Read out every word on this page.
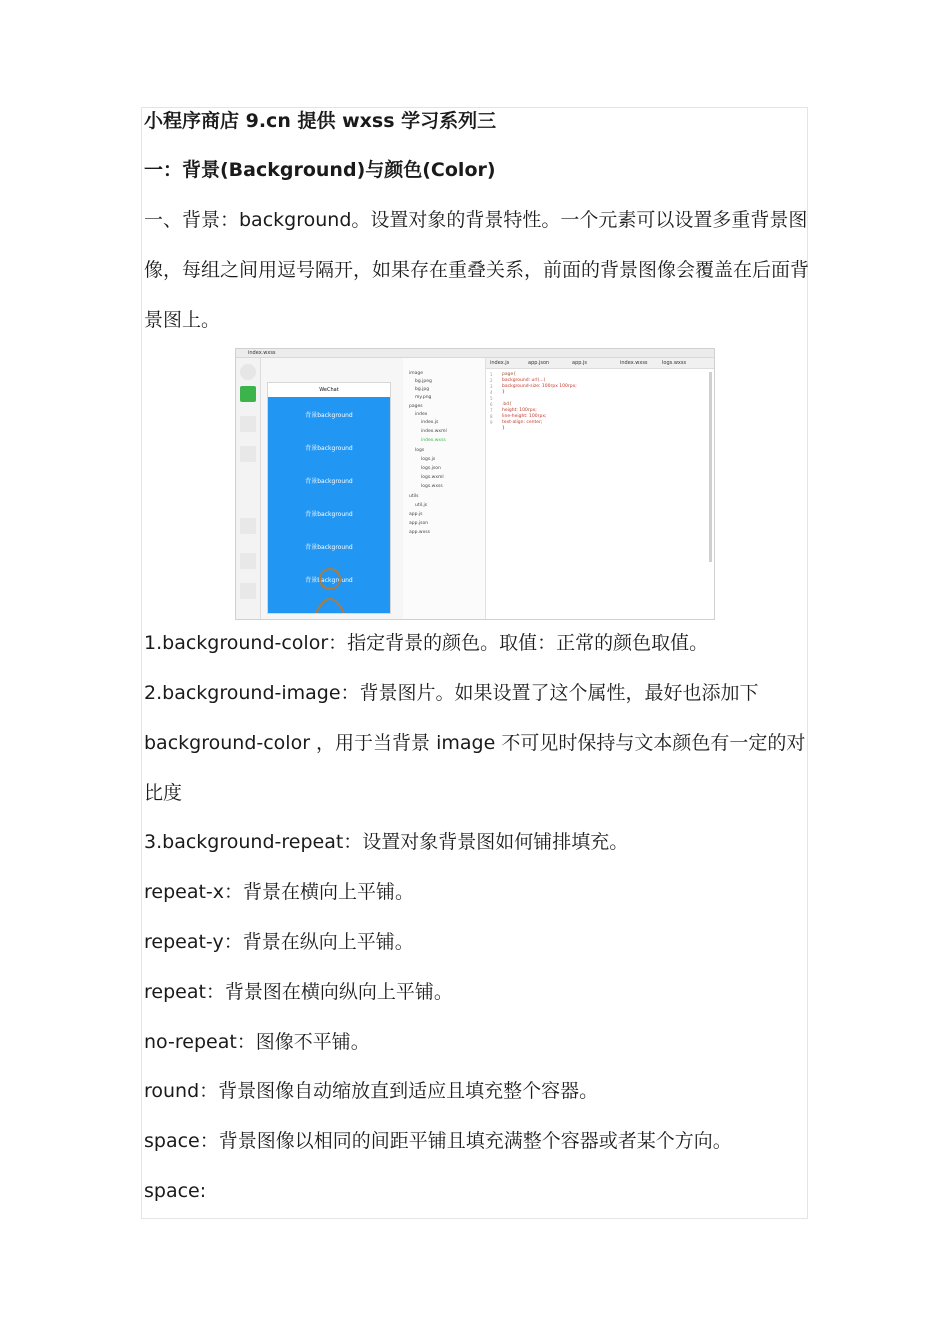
小程序商店 9.cn 提供 wxss 学习系列三
一：背景(Background)与颜色(Color)
一、背景：background。设置对象的背景特性。一个元素可以设置多重背景图
像，每组之间用逗号隔开，如果存在重叠关系，前面的背景图像会覆盖在后面背
景图上。
index.wxss
WeChat
背景background
背景background
背景background
背景background
背景background
背景background
image
bg.jpeg
bg.jpg
my.png
pages
index
index.js
index.wxml
index.wxss
logs
logs.js
logs.json
logs.wxml
logs.wxss
utils
util.js
app.js
app.json
app.wxss
index.js	app.json	app.js	index.wxss	logs.wxss
1
2
3
4
5
6
7
8
9
page{
background: url(...)
background-size: 100rpx 100rpx;
}
.bd{
height: 100rpx;
line-height: 100rpx;
text-align: center;
}
1.background-color：指定背景的颜色。取值：正常的颜色取值。
2.background-image：背景图片。如果设置了这个属性，最好也添加下
background-color ，用于当背景 image 不可见时保持与文本颜色有一定的对
比度
3.background-repeat：设置对象背景图如何铺排填充。
repeat-x：背景在横向上平铺。
repeat-y：背景在纵向上平铺。
repeat：背景图在横向纵向上平铺。
no-repeat：图像不平铺。
round：背景图像自动缩放直到适应且填充整个容器。
space：背景图像以相同的间距平铺且填充满整个容器或者某个方向。
space:
